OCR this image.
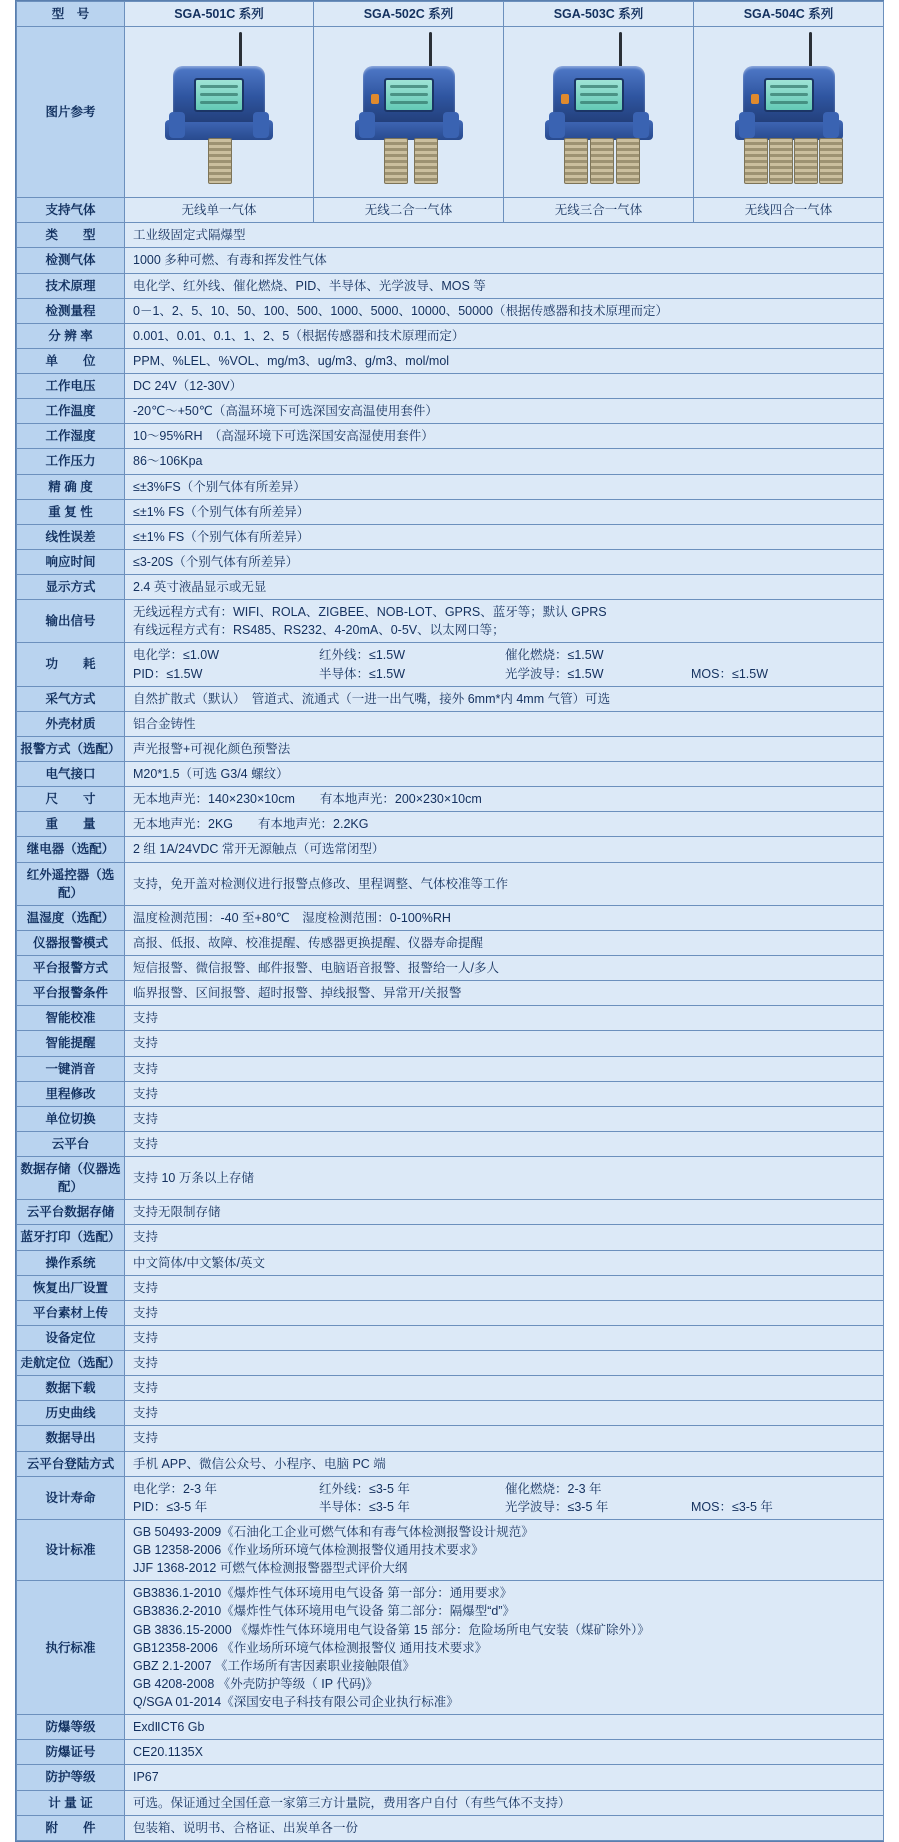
型　号	SGA-501C 系列	SGA-502C 系列	SGA-503C 系列	SGA-504C 系列
图片参考	

支持气体	无线单一气体	无线二合一气体	无线三合一气体	无线四合一气体
类　　型	工业级固定式隔爆型			
检测气体	1000 多种可燃、有毒和挥发性气体			
技术原理	电化学、红外线、催化燃烧、PID、半导体、光学波导、MOS 等			
检测量程	0－1、2、5、10、50、100、500、1000、5000、10000、50000（根据传感器和技术原理而定）			
分 辨 率	0.001、0.01、0.1、1、2、5（根据传感器和技术原理而定）			
单　　位	PPM、%LEL、%VOL、mg/m3、ug/m3、g/m3、mol/mol			
工作电压	DC 24V（12-30V）			
工作温度	-20℃～+50℃（高温环境下可选深国安高温使用套件）			
工作湿度	10～95%RH　（高湿环境下可选深国安高湿使用套件）			
工作压力	86～106Kpa			
精 确 度	≤±3%FS（个别气体有所差异）			
重 复 性	≤±1% FS（个别气体有所差异）			
线性误差	≤±1% FS（个别气体有所差异）			
响应时间	≤3-20S（个别气体有所差异）			
显示方式	2.4 英寸液晶显示或无显			
输出信号	无线远程方式有：WIFI、ROLA、ZIGBEE、NOB-LOT、GPRS、蓝牙等；默认 GPRS
有线远程方式有：RS485、RS232、4-20mA、0-5V、以太网口等；			

功　　耗	
电化学：≤1.0W	红外线：≤1.5W	催化燃烧：≤1.5W
PID：≤1.5W	半导体：≤1.5W	光学波导：≤1.5W	MOS：≤1.5W

采气方式	自然扩散式（默认）　管道式、流通式（一进一出气嘴，接外 6mm*内 4mm 气管）可选			
外壳材质	铝合金铸性			
报警方式（选配）	声光报警+可视化颜色预警法			
电气接口	M20*1.5（可选 G3/4 螺纹）			
尺　　寸	无本地声光：140×230×10cm　　有本地声光：200×230×10cm			
重　　量	无本地声光：2KG　　有本地声光：2.2KG			
继电器（选配）	2 组 1A/24VDC 常开无源触点（可选常闭型）			
红外遥控器（选配）	支持，免开盖对检测仪进行报警点修改、里程调整、气体校准等工作			
温湿度（选配）	温度检测范围：-40 至+80℃　湿度检测范围：0-100%RH			
仪器报警模式	高报、低报、故障、校准提醒、传感器更换提醒、仪器寿命提醒			
平台报警方式	短信报警、微信报警、邮件报警、电脑语音报警、报警给一人/多人			
平台报警条件	临界报警、区间报警、超时报警、掉线报警、异常开/关报警			
智能校准	支持			
智能提醒	支持			
一键消音	支持			
里程修改	支持			
单位切换	支持			
云平台	支持			
数据存储（仪器选配）	支持 10 万条以上存储			
云平台数据存储	支持无限制存储			
蓝牙打印（选配）	支持			
操作系统	中文简体/中文繁体/英文			
恢复出厂设置	支持			
平台素材上传	支持			
设备定位	支持			
走航定位（选配）	支持			
数据下载	支持			
历史曲线	支持			
数据导出	支持			
云平台登陆方式	手机 APP、微信公众号、小程序、电脑 PC 端			
设计寿命	
电化学：2-3 年	红外线：≤3-5 年	催化燃烧：2-3 年
PID：≤3-5 年	半导体：≤3-5 年	光学波导：≤3-5 年	MOS：≤3-5 年

设计标准	GB 50493-2009《石油化工企业可燃气体和有毒气体检测报警设计规范》
GB 12358-2006《作业场所环境气体检测报警仪通用技术要求》
JJF 1368-2012 可燃气体检测报警器型式评价大纲			

执行标准	
GB3836.1-2010《爆炸性气体环境用电气设备 第一部分：通用要求》
GB3836.2-2010《爆炸性气体环境用电气设备 第二部分：隔爆型“d”》
GB 3836.15-2000 《爆炸性气体环境用电气设备第 15 部分：危险场所电气安装（煤矿除外）》
GB12358-2006 《作业场所环境气体检测报警仪 通用技术要求》
GBZ 2.1-2007 《工作场所有害因素职业接触限值》
GB 4208-2008 《外壳防护等级（ IP 代码)》
Q/SGA 01-2014《深国安电子科技有限公司企业执行标准》

防爆等级	ExdⅡCT6 Gb			
防爆证号	CE20.1135X			
防护等级	IP67			
计 量 证	可选。保证通过全国任意一家第三方计量院，费用客户自付（有些气体不支持）			
附　　件	包装箱、说明书、合格证、出炭单各一份			
